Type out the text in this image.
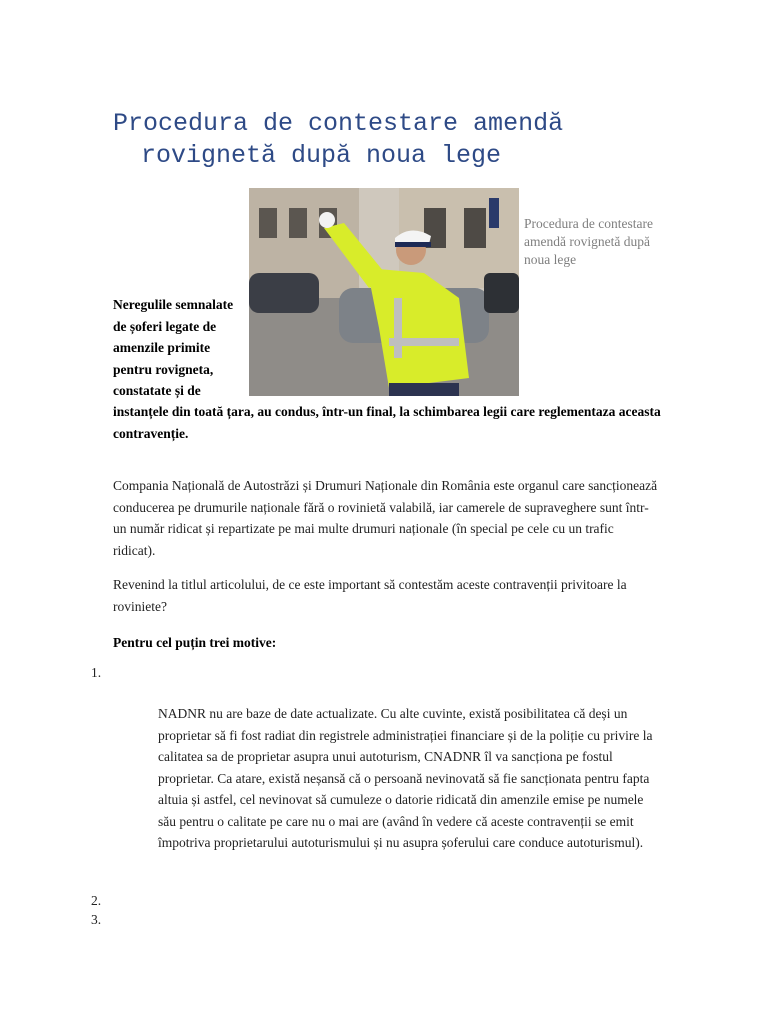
Procedura de contestare amendă
rovignetă după noua lege
Procedura de contestare amendă rovignetă după noua lege
Neregulile semnalate de șoferi legate de amenzile primite pentru rovigneta, constatate și de
instanțele din toată țara, au condus, într-un final, la schimbarea legii care reglementaza aceasta contravenție.

Compania Națională de Autostrăzi și Drumuri Naționale din România este organul care sancționează conducerea pe drumurile naționale fără o rovinietă valabilă, iar camerele de supraveghere sunt într-un număr ridicat și repartizate pe mai multe drumuri naționale (în special pe cele cu un trafic ridicat).

Revenind la titlul articolului, de ce este important să contestăm aceste contravenții privitoare la roviniete?

Pentru cel puțin trei motive:
1.
NADNR nu are baze de date actualizate. Cu alte cuvinte, există posibilitatea că deși un proprietar să fi fost radiat din registrele administrației financiare și de la poliție cu privire la calitatea sa de proprietar asupra unui autoturism, CNADNR îl va sancționa pe fostul proprietar. Ca atare, există neșansă că o persoană nevinovată să fie sancționata pentru fapta altuia și astfel, cel nevinovat să cumuleze o datorie ridicată din amenzile emise pe numele său pentru o calitate pe care nu o mai are (având în vedere că aceste contravenții se emit împotriva proprietarului autoturismului și nu asupra șoferului care conduce autoturismul).
2.
3.
